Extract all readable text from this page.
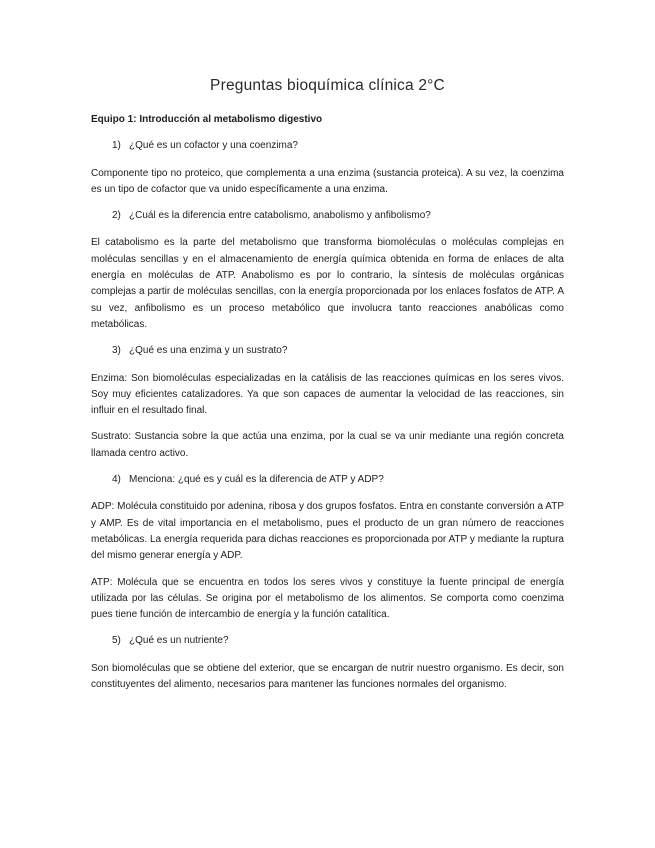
Preguntas bioquímica clínica 2°C
Equipo 1: Introducción al metabolismo digestivo
1) ¿Qué es un cofactor y una coenzima?
Componente tipo no proteico, que complementa a una enzima (sustancia proteica). A su vez, la coenzima es un tipo de cofactor que va unido específicamente a una enzima.
2) ¿Cuál es la diferencia entre catabolismo, anabolismo y anfibolismo?
El catabolismo es la parte del metabolismo que transforma biomoléculas o moléculas complejas en moléculas sencillas y en el almacenamiento de energía química obtenida en forma de enlaces de alta energía en moléculas de ATP. Anabolismo es por lo contrario, la síntesis de moléculas orgánicas complejas a partir de moléculas sencillas, con la energía proporcionada por los enlaces fosfatos de ATP. A su vez, anfibolismo es un proceso metabólico que involucra tanto reacciones anabólicas como metabólicas.
3) ¿Qué es una enzima y un sustrato?
Enzima: Son biomoléculas especializadas en la catálisis de las reacciones químicas en los seres vivos. Soy muy eficientes catalizadores. Ya que son capaces de aumentar la velocidad de las reacciones, sin influir en el resultado final.
Sustrato: Sustancia sobre la que actúa una enzima, por la cual se va unir mediante una región concreta llamada centro activo.
4) Menciona: ¿qué es y cuál es la diferencia de ATP y ADP?
ADP: Molécula constituido por adenina, ribosa y dos grupos fosfatos. Entra en constante conversión a ATP y AMP. Es de vital importancia en el metabolismo, pues el producto de un gran número de reacciones metabólicas. La energía requerida para dichas reacciones es proporcionada por ATP y mediante la ruptura del mismo generar energía y ADP.
ATP: Molécula que se encuentra en todos los seres vivos y constituye la fuente principal de energía utilizada por las células. Se origina por el metabolismo de los alimentos. Se comporta como coenzima pues tiene función de intercambio de energía y la función catalítica.
5) ¿Qué es un nutriente?
Son biomoléculas que se obtiene del exterior, que se encargan de nutrir nuestro organismo. Es decir, son constituyentes del alimento, necesarios para mantener las funciones normales del organismo.
